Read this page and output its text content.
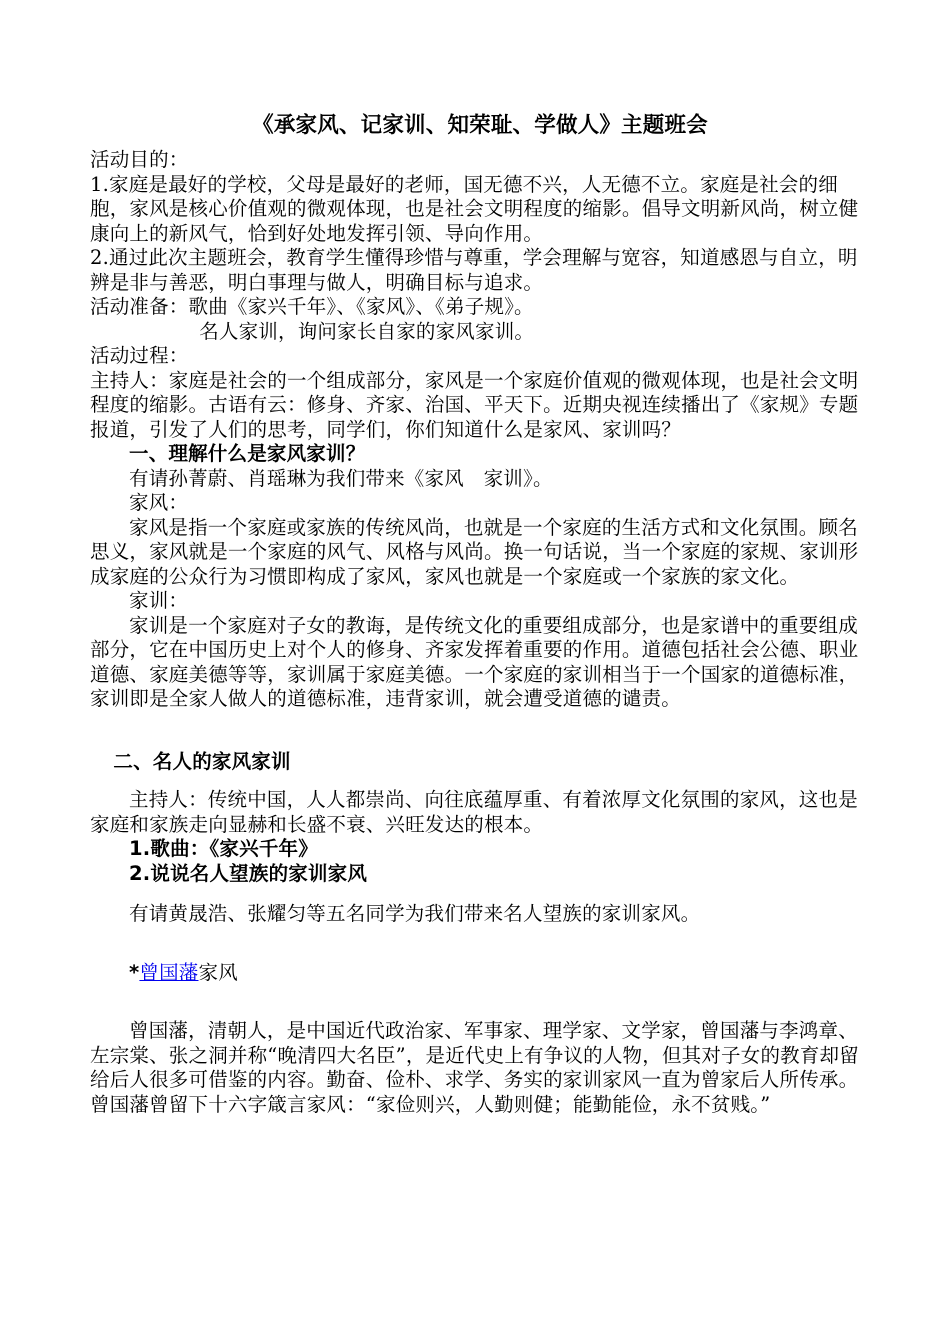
《承家风、记家训、知荣耻、学做人》主题班会

活动目的：

1.家庭是最好的学校，父母是最好的老师，国无德不兴，人无德不立。家庭是社会的细胞，家风是核心价值观的微观体现，也是社会文明程度的缩影。倡导文明新风尚，树立健康向上的新风气，恰到好处地发挥引领、导向作用。

2.通过此次主题班会，教育学生懂得珍惜与尊重，学会理解与宽容，知道感恩与自立，明辨是非与善恶，明白事理与做人，明确目标与追求。

活动准备：歌曲《家兴千年》、《家风》、《弟子规》。

名人家训，询问家长自家的家风家训。

活动过程：

主持人：家庭是社会的一个组成部分，家风是一个家庭价值观的微观体现，也是社会文明程度的缩影。古语有云：修身、齐家、治国、平天下。近期央视连续播出了《家规》专题报道，引发了人们的思考，同学们，你们知道什么是家风、家训吗？

一、理解什么是家风家训？

有请孙菁蔚、肖瑶琳为我们带来《家风　家训》。

家风：

家风是指一个家庭或家族的传统风尚，也就是一个家庭的生活方式和文化氛围。顾名思义，家风就是一个家庭的风气、风格与风尚。换一句话说，当一个家庭的家规、家训形成家庭的公众行为习惯即构成了家风，家风也就是一个家庭或一个家族的家文化。

家训：

家训是一个家庭对子女的教诲，是传统文化的重要组成部分，也是家谱中的重要组成部分，它在中国历史上对个人的修身、齐家发挥着重要的作用。道德包括社会公德、职业道德、家庭美德等等，家训属于家庭美德。一个家庭的家训相当于一个国家的道德标准，家训即是全家人做人的道德标准，违背家训，就会遭受道德的谴责。

二、名人的家风家训

主持人：传统中国，人人都崇尚、向往底蕴厚重、有着浓厚文化氛围的家风，这也是家庭和家族走向显赫和长盛不衰、兴旺发达的根本。

1.歌曲：《家兴千年》

2.说说名人望族的家训家风

有请黄晟浩、张耀匀等五名同学为我们带来名人望族的家训家风。

*曾国藩家风

曾国藩，清朝人，是中国近代政治家、军事家、理学家、文学家，曾国藩与李鸿章、左宗棠、张之洞并称“晚清四大名臣”，是近代史上有争议的人物，但其对子女的教育却留给后人很多可借鉴的内容。勤奋、俭朴、求学、务实的家训家风一直为曾家后人所传承。曾国藩曾留下十六字箴言家风：“家俭则兴，人勤则健；能勤能俭，永不贫贱。”
